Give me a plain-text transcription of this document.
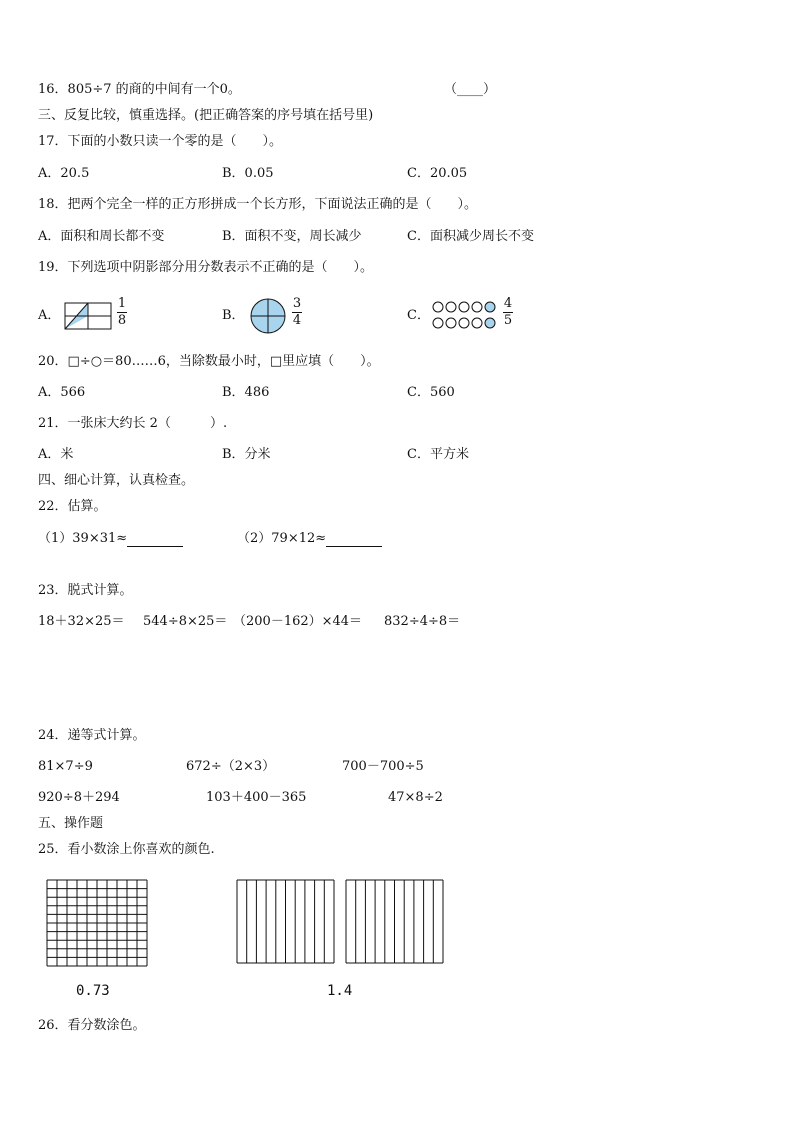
16．805÷7 的商的中间有一个0。	（____）
三、反复比较，慎重选择。(把正确答案的序号填在括号里)
17．下面的小数只读一个零的是（　　）。
A．20.5	B．0.05	C．20.05
18．把两个完全一样的正方形拼成一个长方形，下面说法正确的是（　　）。
A．面积和周长都不变	B．面积不变，周长减少	C．面积减少周长不变
19．下列选项中阴影部分用分数表示不正确的是（　　）。
A．
1
8	B．
3
4	C．
4
5
20．□÷○＝80……6，当除数最小时，□里应填（　　）。
A．566	B．486	C．560
21．一张床大约长 2（　　　）.
A．米	B．分米	C．平方米
四、细心计算，认真检查。
22．估算。
（1）39×31≈	（2）79×12≈
23．脱式计算。
18＋32×25＝ 544÷8×25＝ （200－162）×44＝ 832÷4÷8＝
24．递等式计算。
81×7÷9	672÷（2×3）	700－700÷5
920÷8＋294	103＋400－365	47×8÷2
五、操作题
25．看小数涂上你喜欢的颜色.
0.73	1.4
26．看分数涂色。
